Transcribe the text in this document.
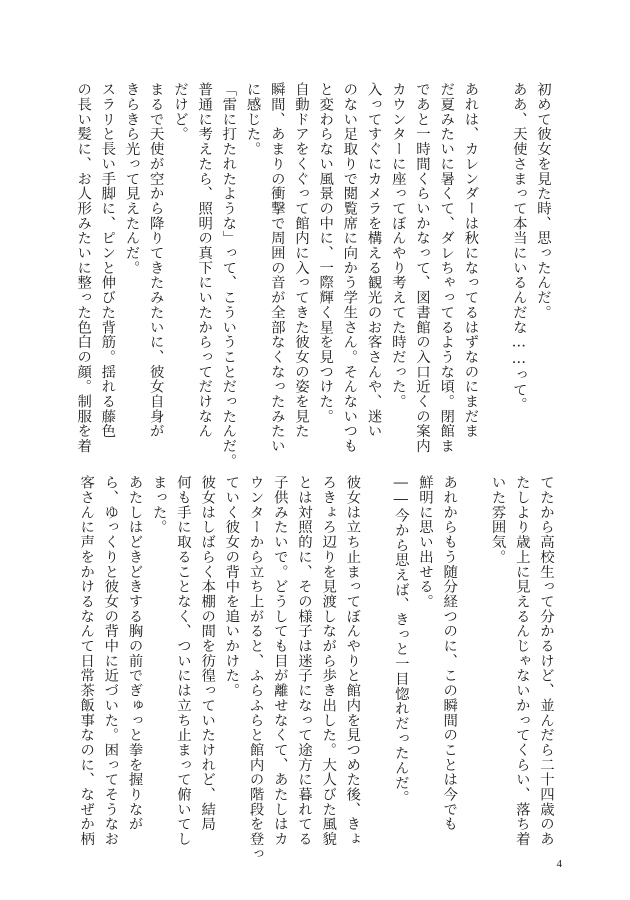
初めて彼女を見た時、思ったんだ。

ああ、天使さまって本当にいるんだな……って。

あれは、カレンダーは秋になってるはずなのにまだま

だ夏みたいに暑くて、ダレちゃってるような頃。閉館ま

であと一時間くらいかなって、図書館の入口近くの案内

カウンターに座ってぼんやり考えてた時だった。

入ってすぐにカメラを構える観光のお客さんや、迷い

のない足取りで閲覧席に向かう学生さん。そんないつも

と変わらない風景の中に、一際輝く星を見つけた。

自動ドアをくぐって館内に入ってきた彼女の姿を見た

瞬間、あまりの衝撃で周囲の音が全部なくなったみたい

に感じた。

「雷に打たれたような」って、こういうことだったんだ。

普通に考えたら、照明の真下にいたからってだけなん

だけど。

まるで天使が空から降りてきたみたいに、彼女自身が

きらきら光って見えたんだ。

スラリと長い手脚に、ピンと伸びた背筋。揺れる藤色

の長い髪に、お人形みたいに整った色白の顔。制服を着

てたから高校生って分かるけど、並んだら二十四歳のあ

たしより歳上に見えるんじゃないかってくらい、落ち着

いた雰囲気。

あれからもう随分経つのに、この瞬間のことは今でも

鮮明に思い出せる。

――今から思えば、きっと一目惚れだったんだ。

彼女は立ち止まってぼんやりと館内を見つめた後、きょ

ろきょろ辺りを見渡しながら歩き出した。大人びた風貌

とは対照的に、その様子は迷子になって途方に暮れてる

子供みたいで。どうしても目が離せなくて、あたしはカ

ウンターから立ち上がると、ふらふらと館内の階段を登っ

ていく彼女の背中を追いかけた。

彼女はしばらく本棚の間を彷徨っていたけれど、結局

何も手に取ることなく、ついには立ち止まって俯いてし

まった。

あたしはどきどきする胸の前でぎゅっと拳を握りなが

ら、ゆっくりと彼女の背中に近づいた。困ってそうなお

客さんに声をかけるなんて日常茶飯事なのに、なぜか柄

4
